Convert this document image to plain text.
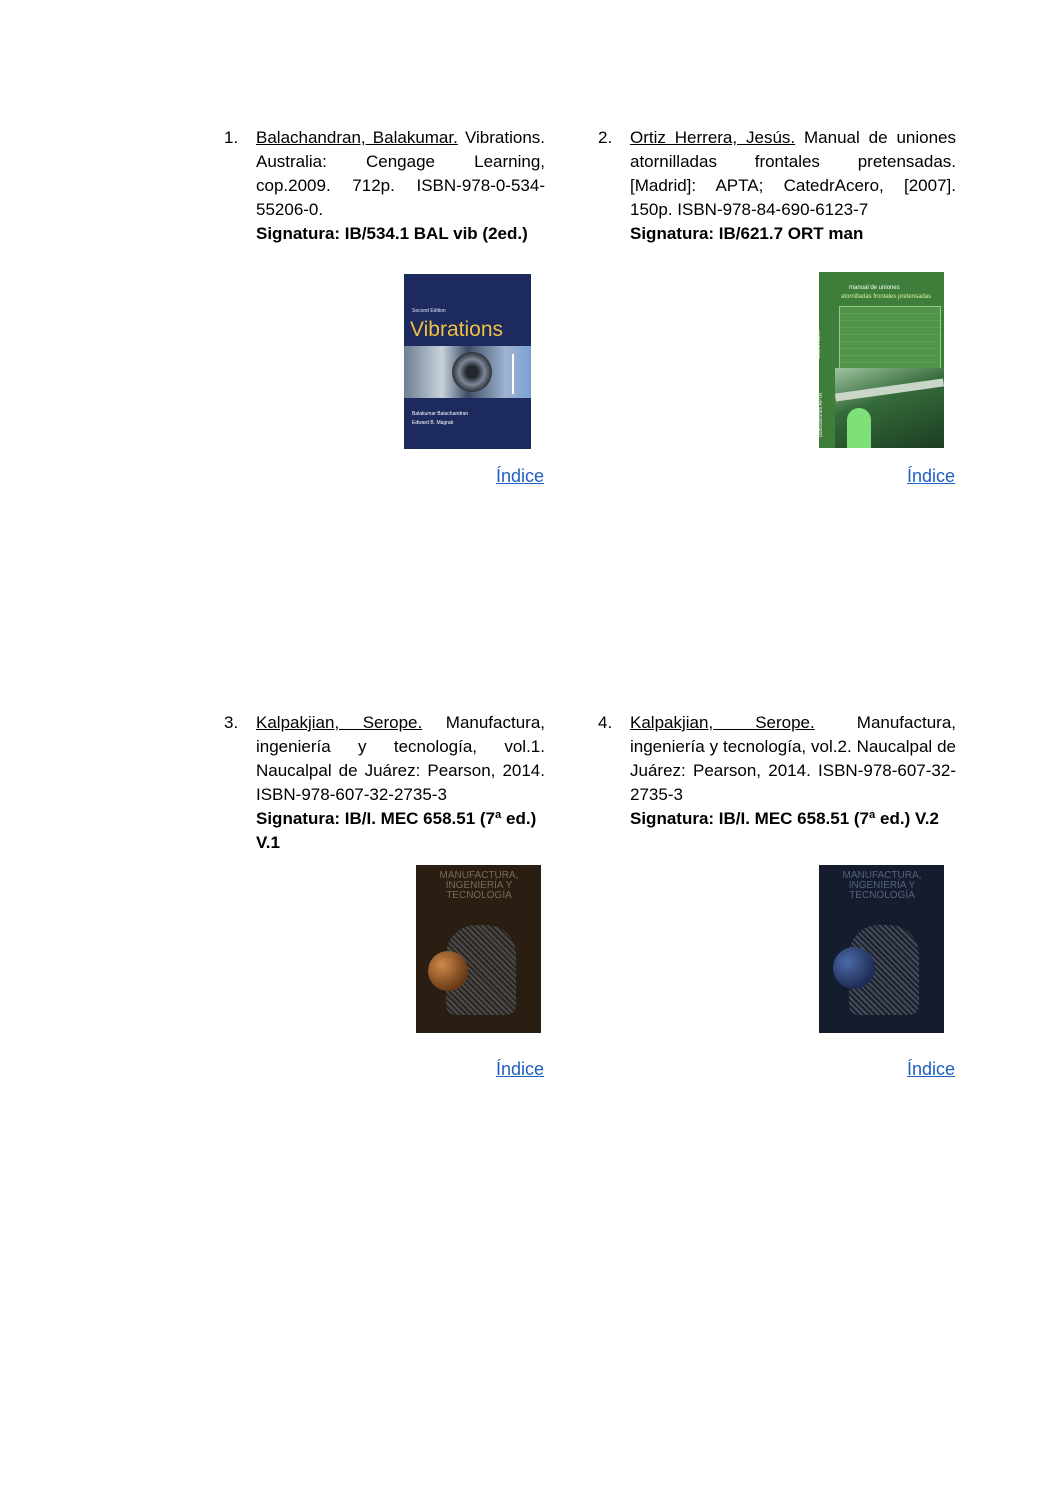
1.	Balachandran, Balakumar. Vibrations. Australia: Cengage Learning, cop.2009. 712p. ISBN-978-0-534-55206-0.
Signatura: IB/534.1 BAL vib (2ed.)
Second Edition
Vibrations
Balakumar Balachandran
Edward B. Magrab
Índice
2.	Ortiz Herrera, Jesús. Manual de uniones atornilladas frontales pretensadas. [Madrid]: APTA; CatedrAcero, [2007]. 150p. ISBN-978-84-690-6123-7
Signatura: IB/621.7 ORT man
manual de uniones
atornilladas frontales pretensadas
CatedrAcero
publicaciones APTA
Índice
3.	Kalpakjian, Serope. Manufactura, ingeniería y tecnología, vol.1. Naucalpal de Juárez: Pearson, 2014. ISBN-978-607-32-2735-3
Signatura: IB/I. MEC 658.51 (7ª ed.) V.1
MANUFACTURA, INGENIERÍA Y TECNOLOGÍA
Índice
4.	Kalpakjian, Serope. Manufactura, ingeniería y tecnología, vol.2. Naucalpal de Juárez: Pearson, 2014. ISBN-978-607-32-2735-3
Signatura: IB/I. MEC 658.51 (7ª ed.) V.2
MANUFACTURA, INGENIERÍA Y TECNOLOGÍA
Índice
